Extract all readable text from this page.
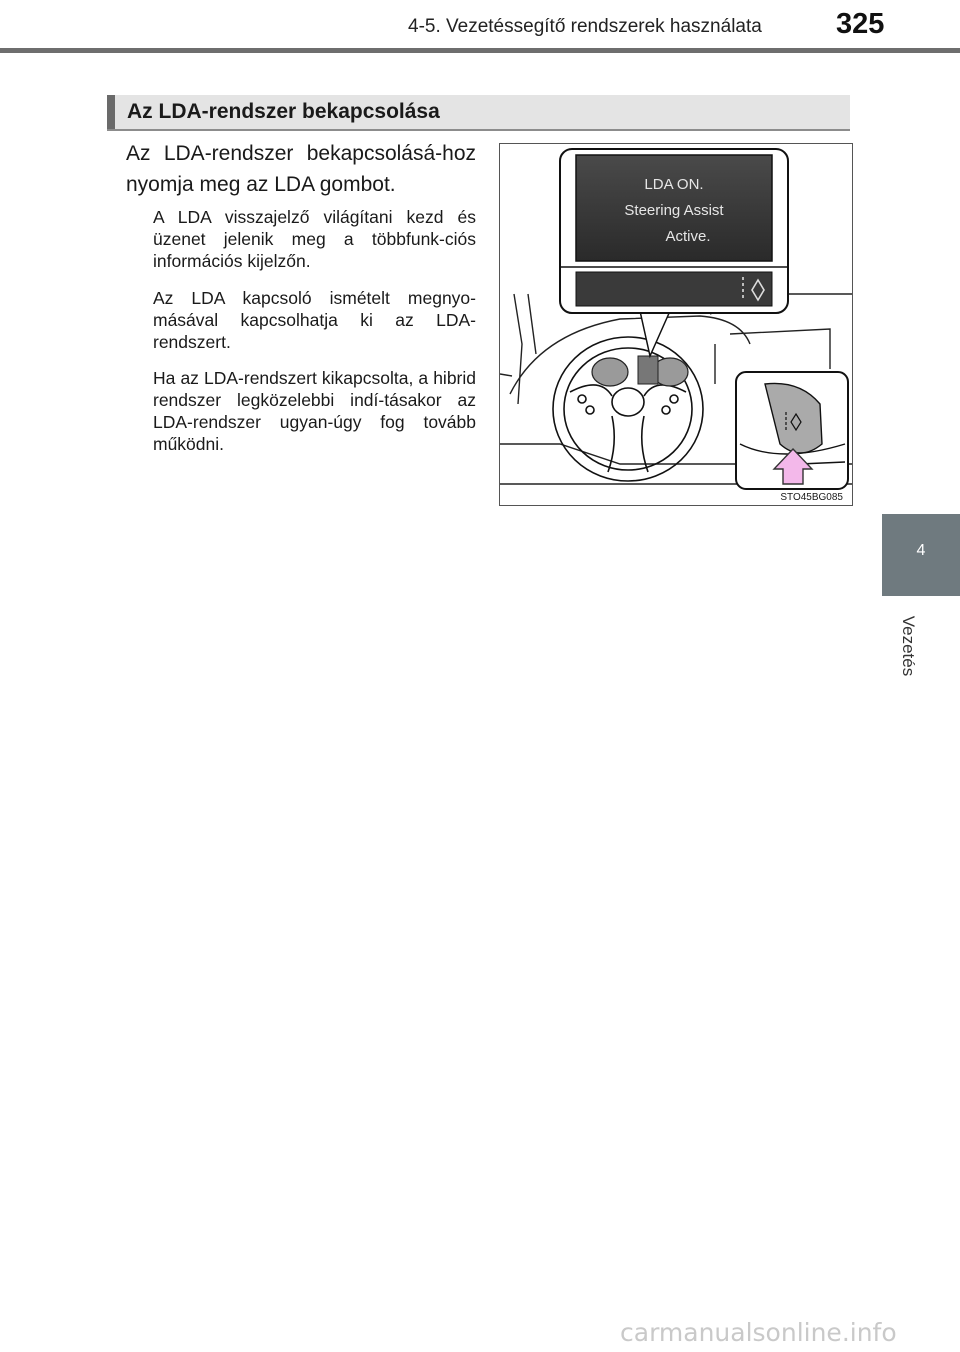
4-5. Vezetéssegítő rendszerek használata	325
Az LDA-rendszer bekapcsolása
Az LDA-rendszer bekapcsolásá-hoz nyomja meg az LDA gombot.
A LDA visszajelző világítani kezd és üzenet jelenik meg a többfunk-ciós információs kijelzőn.
Az LDA kapcsoló ismételt megnyo-másával kapcsolhatja ki az LDA-rendszert.
Ha az LDA-rendszert kikapcsolta, a hibrid rendszer legközelebbi indí-tásakor az LDA-rendszer ugyan-úgy fog tovább működni.
LDA ON.
Steering Assist
Active.
STO45BG085
4
Vezetés
carmanualsonline.info
